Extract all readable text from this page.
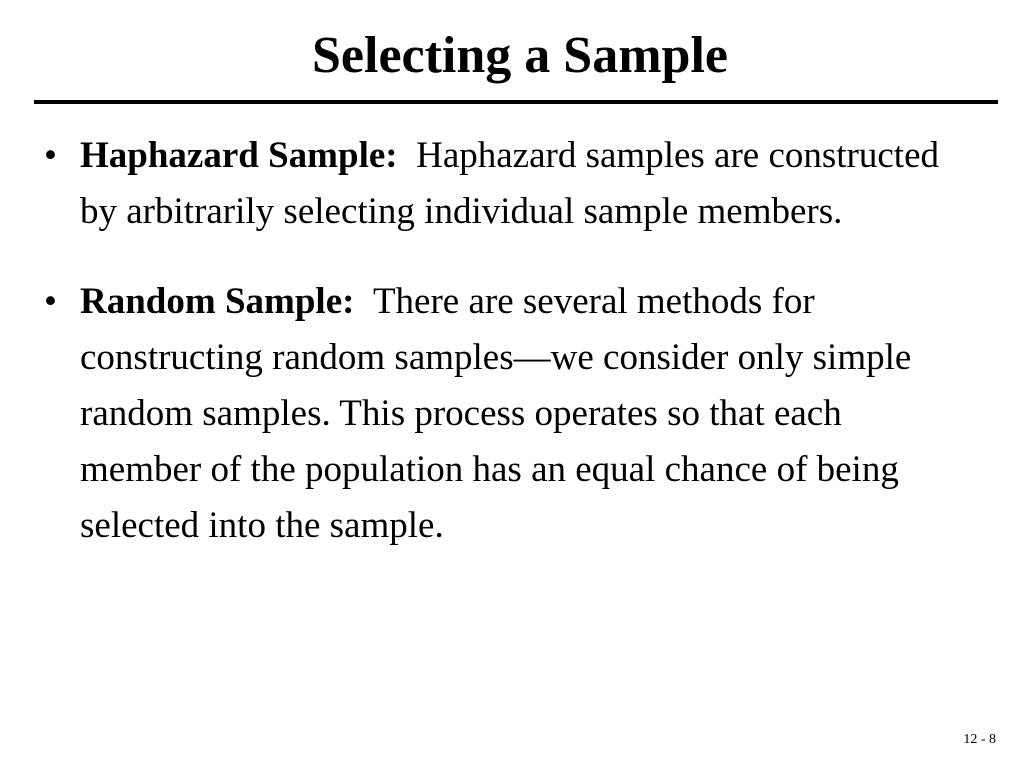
Selecting a Sample
• Haphazard Sample: Haphazard samples are constructed by arbitrarily selecting individual sample members.
• Random Sample: There are several methods for constructing random samples—we consider only simple random samples. This process operates so that each member of the population has an equal chance of being selected into the sample.
12 - 8
